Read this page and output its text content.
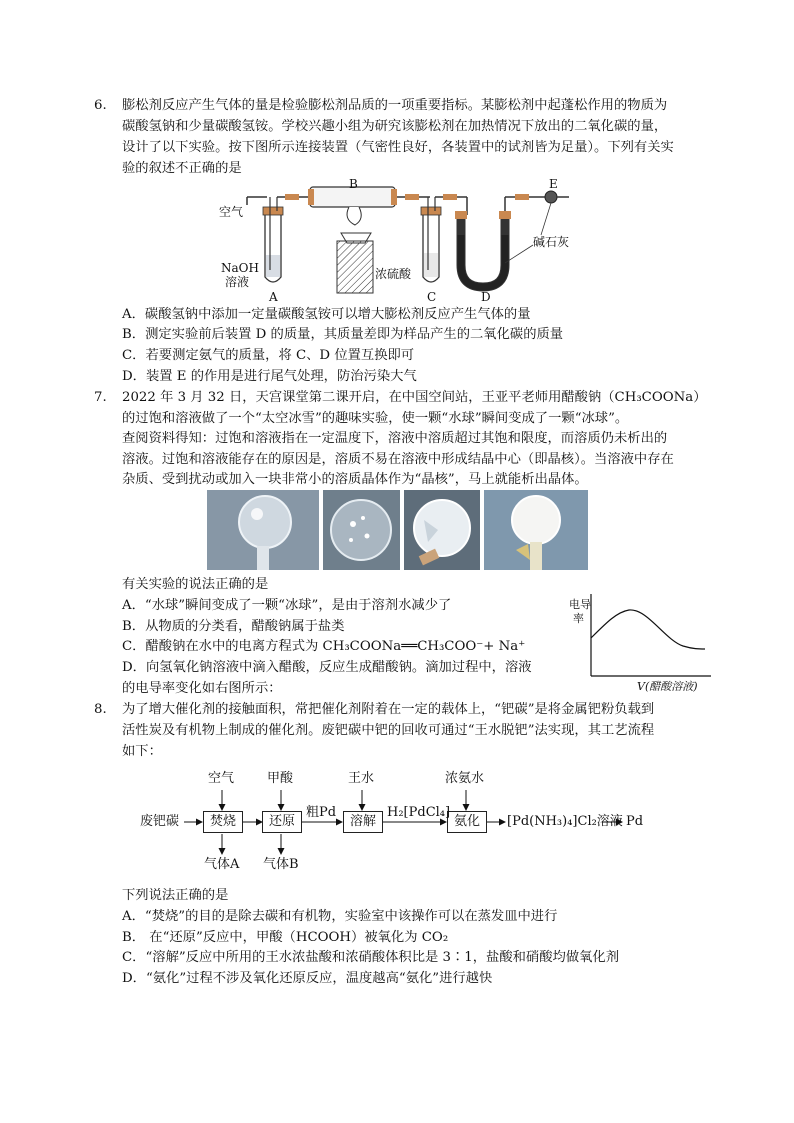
6. 膨松剂反应产生气体的量是检验膨松剂品质的一项重要指标。某膨松剂中起蓬松作用的物质为
碳酸氢钠和少量碳酸氢铵。学校兴趣小组为研究该膨松剂在加热情况下放出的二氧化碳的量，
设计了以下实验。按下图所示连接装置（气密性良好，各装置中的试剂皆为足量）。下列有关实
验的叙述不正确的是
B	E
空气
NaOH
溶液
浓硫酸
碱石灰
A	C	D
A．碳酸氢钠中添加一定量碳酸氢铵可以增大膨松剂反应产生气体的量
B．测定实验前后装置 D 的质量，其质量差即为样品产生的二氧化碳的质量
C．若要测定氨气的质量，将 C、D 位置互换即可
D．装置 E 的作用是进行尾气处理，防治污染大气
7. 2022 年 3 月 32 日，天宫课堂第二课开启，在中国空间站，王亚平老师用醋酸钠（CH₃COONa）
的过饱和溶液做了一个“太空冰雪”的趣味实验，使一颗“水球”瞬间变成了一颗“冰球”。
查阅资料得知：过饱和溶液指在一定温度下，溶液中溶质超过其饱和限度，而溶质仍未析出的
溶液。过饱和溶液能存在的原因是，溶质不易在溶液中形成结晶中心（即晶核）。当溶液中存在
杂质、受到扰动或加入一块非常小的溶质晶体作为“晶核”，马上就能析出晶体。
有关实验的说法正确的是
A．“水球”瞬间变成了一颗“冰球”，是由于溶剂水减少了
B．从物质的分类看，醋酸钠属于盐类
C．醋酸钠在水中的电离方程式为 CH₃COONa══CH₃COO⁻+ Na⁺
D．向氢氧化钠溶液中滴入醋酸，反应生成醋酸钠。滴加过程中，溶液
的电导率变化如右图所示：
电导
率
V(醋酸溶液)
8. 为了增大催化剂的接触面积，常把催化剂附着在一定的载体上，“钯碳”是将金属钯粉负载到
活性炭及有机物上制成的催化剂。废钯碳中钯的回收可通过“王水脱钯”法实现，其工艺流程
如下：
废钯碳	焚烧	还原	溶解	氨化
空气	甲酸	王水	浓氨水
气体A 气体B
粗Pd	H₂[PdCl₄]
[Pd(NH₃)₄]Cl₂溶液 Pd
下列说法正确的是
A．“焚烧”的目的是除去碳和有机物，实验室中该操作可以在蒸发皿中进行
B． 在“还原”反应中，甲酸（HCOOH）被氧化为 CO₂
C．“溶解”反应中所用的王水浓盐酸和浓硝酸体积比是 3∶1，盐酸和硝酸均做氧化剂
D．“氨化”过程不涉及氧化还原反应，温度越高“氨化”进行越快
